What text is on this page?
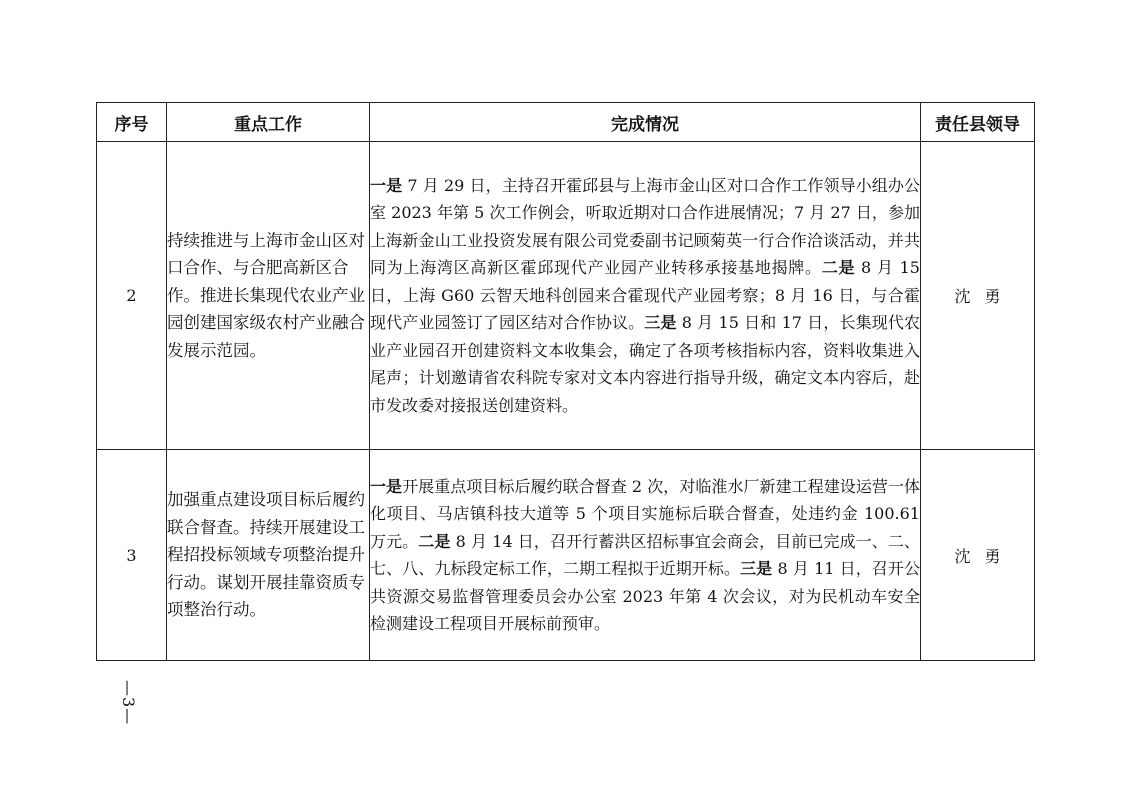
序号	重点工作	完成情况	责任县领导
2	持续推进与上海市金山区对口合作、与合肥高新区合作。推进长集现代农业产业园创建国家级农村产业融合发展示范园。	一是 7 月 29 日，主持召开霍邱县与上海市金山区对口合作工作领导小组办公室 2023 年第 5 次工作例会，听取近期对口合作进展情况；7 月 27 日，参加上海新金山工业投资发展有限公司党委副书记顾菊英一行合作洽谈活动，并共同为上海湾区高新区霍邱现代产业园产业转移承接基地揭牌。二是 8 月 15 日，上海 G60 云智天地科创园来合霍现代产业园考察；8 月 16 日，与合霍现代产业园签订了园区结对合作协议。三是 8 月 15 日和 17 日，长集现代农业产业园召开创建资料文本收集会，确定了各项考核指标内容，资料收集进入尾声；计划邀请省农科院专家对文本内容进行指导升级，确定文本内容后，赴市发改委对接报送创建资料。	沈勇
3	加强重点建设项目标后履约联合督查。持续开展建设工程招投标领域专项整治提升行动。谋划开展挂靠资质专项整治行动。	一是开展重点项目标后履约联合督查 2 次，对临淮水厂新建工程建设运营一体化项目、马店镇科技大道等 5 个项目实施标后联合督查，处违约金 100.61 万元。二是 8 月 14 日，召开行蓄洪区招标事宜会商会，目前已完成一、二、七、八、九标段定标工作，二期工程拟于近期开标。三是 8 月 11 日，召开公共资源交易监督管理委员会办公室 2023 年第 4 次会议，对为民机动车安全检测建设工程项目开展标前预审。	沈勇
—3—
